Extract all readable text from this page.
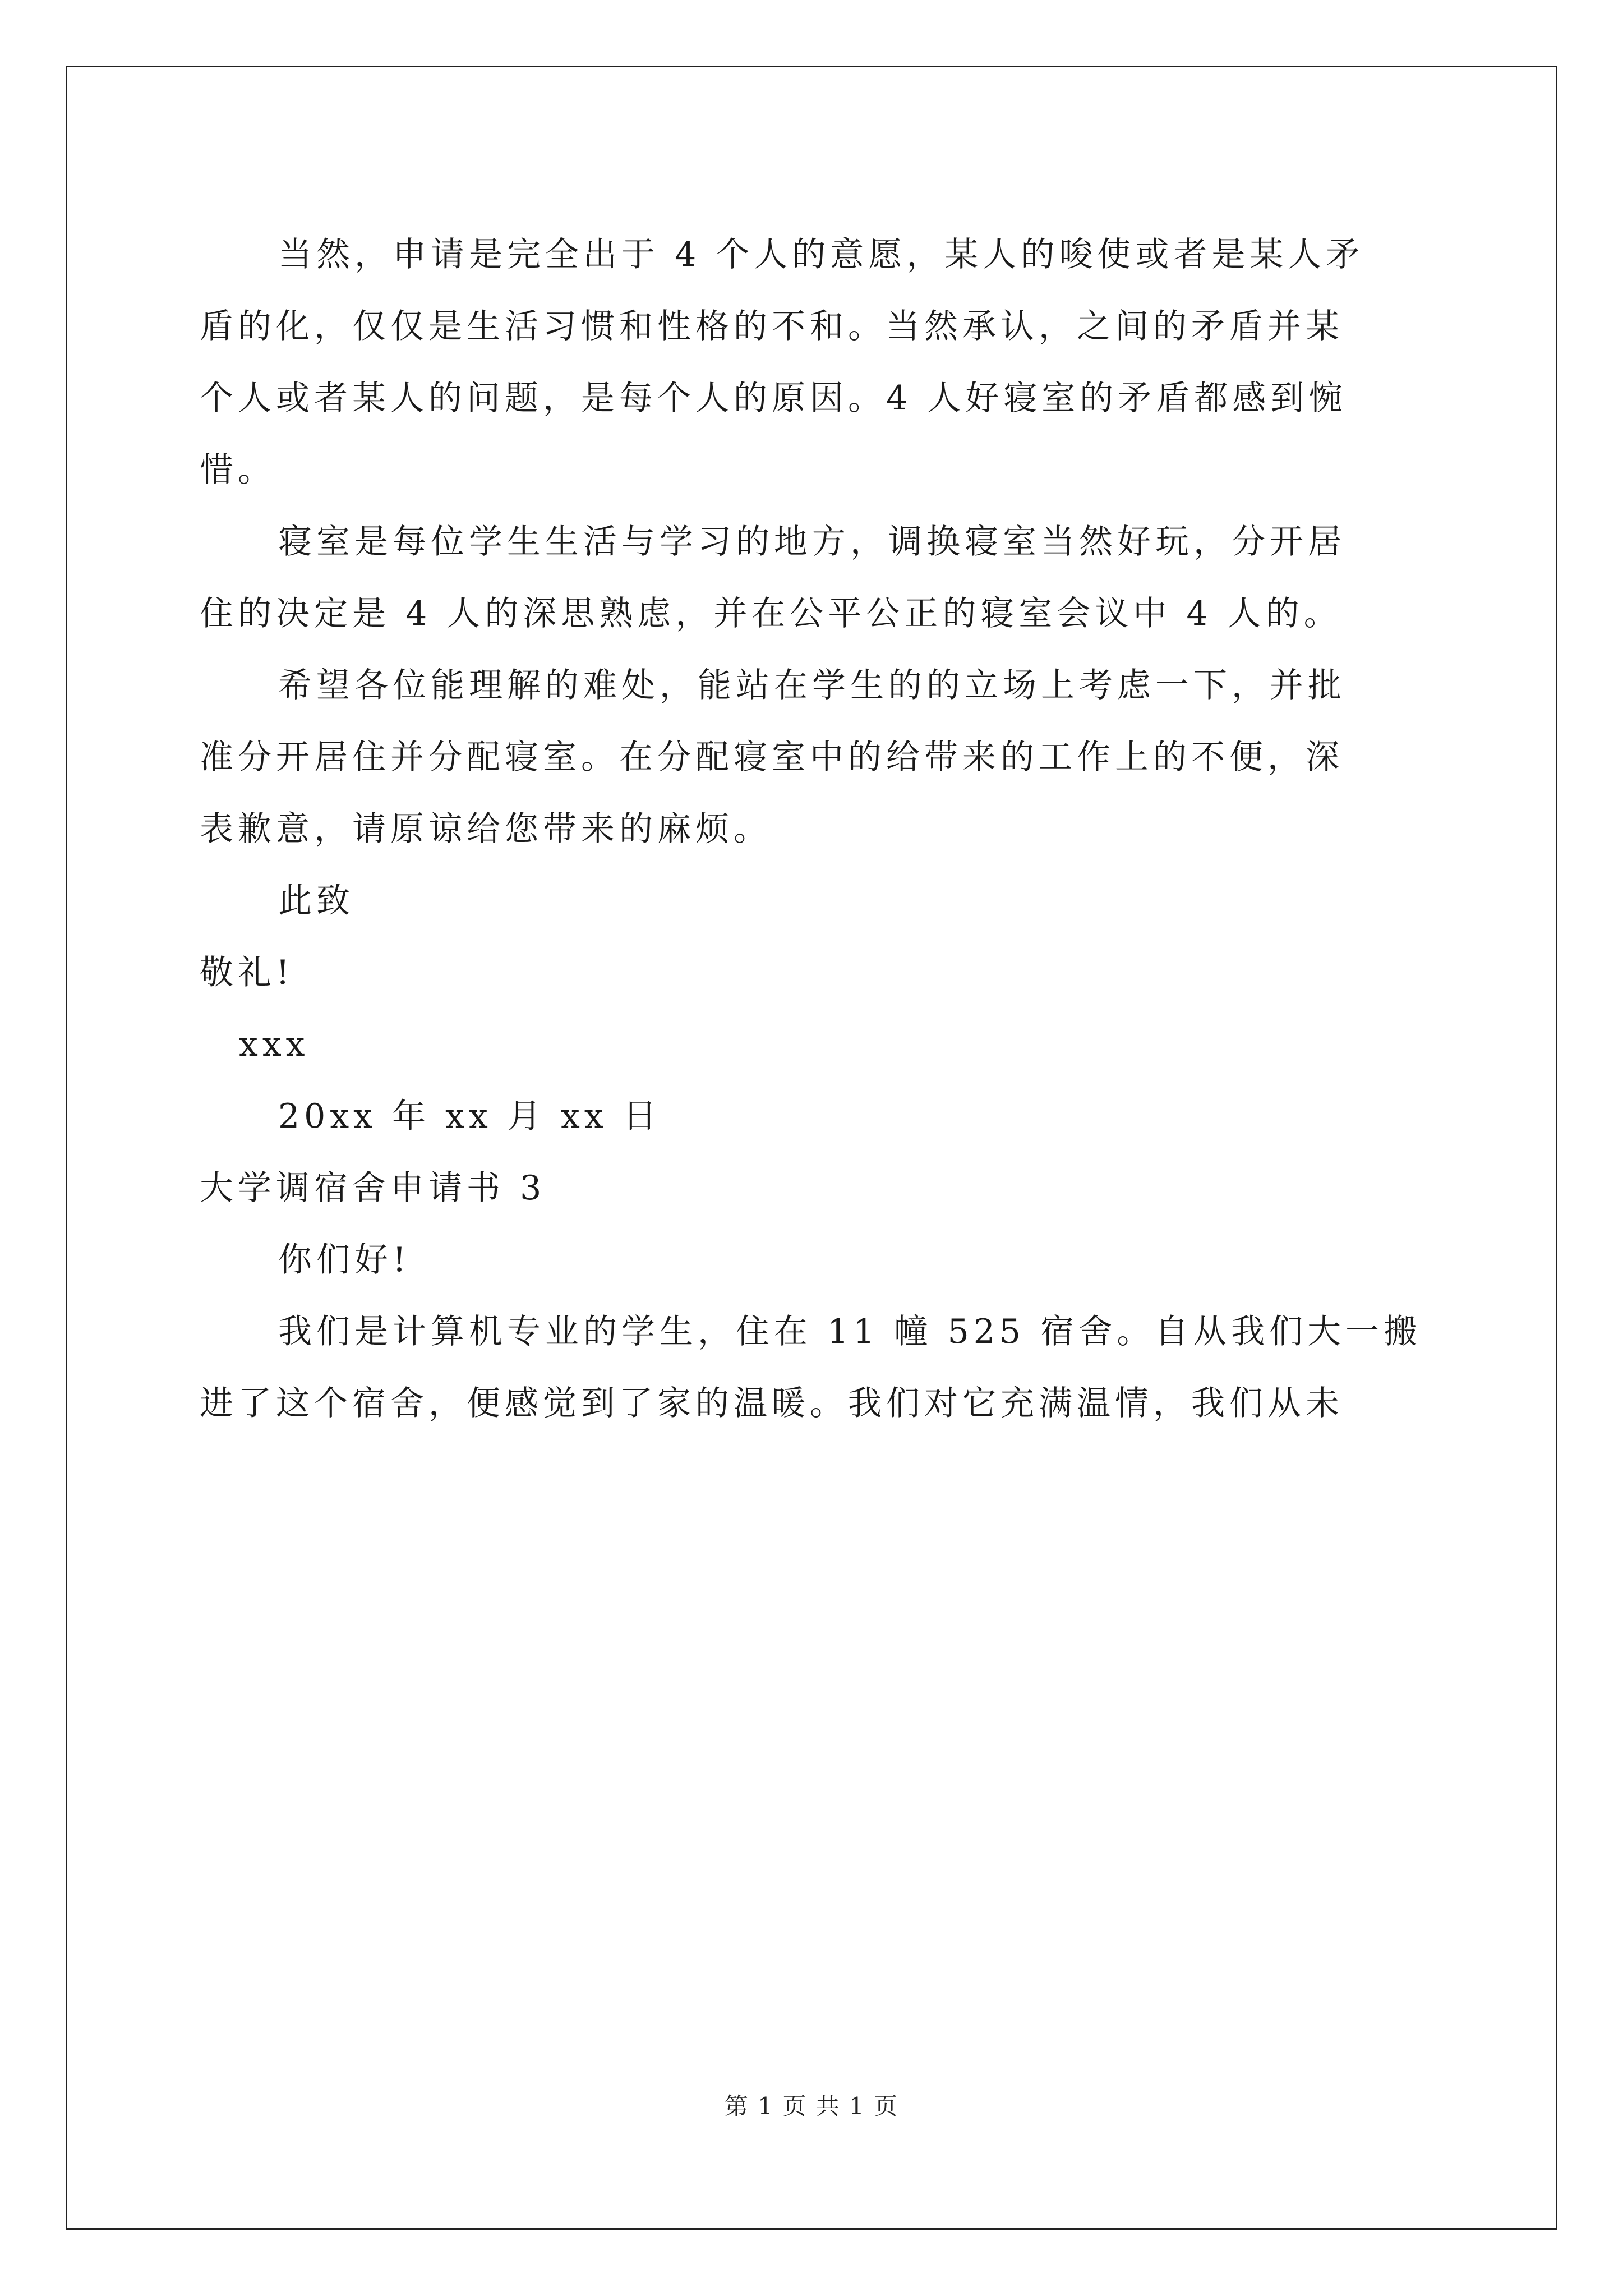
当然，申请是完全出于 4 个人的意愿，某人的唆使或者是某人矛
盾的化，仅仅是生活习惯和性格的不和。当然承认，之间的矛盾并某
个人或者某人的问题，是每个人的原因。4 人好寝室的矛盾都感到惋
惜。
寝室是每位学生生活与学习的地方，调换寝室当然好玩，分开居
住的决定是 4 人的深思熟虑，并在公平公正的寝室会议中 4 人的。
希望各位能理解的难处，能站在学生的的立场上考虑一下，并批
准分开居住并分配寝室。在分配寝室中的给带来的工作上的不便，深
表歉意，请原谅给您带来的麻烦。
此致
敬礼!
xxx
20xx 年 xx 月 xx 日
大学调宿舍申请书 3
你们好!
我们是计算机专业的学生，住在 11 幢 525 宿舍。自从我们大一搬
进了这个宿舍，便感觉到了家的温暖。我们对它充满温情，我们从未
第 1 页 共 1 页
